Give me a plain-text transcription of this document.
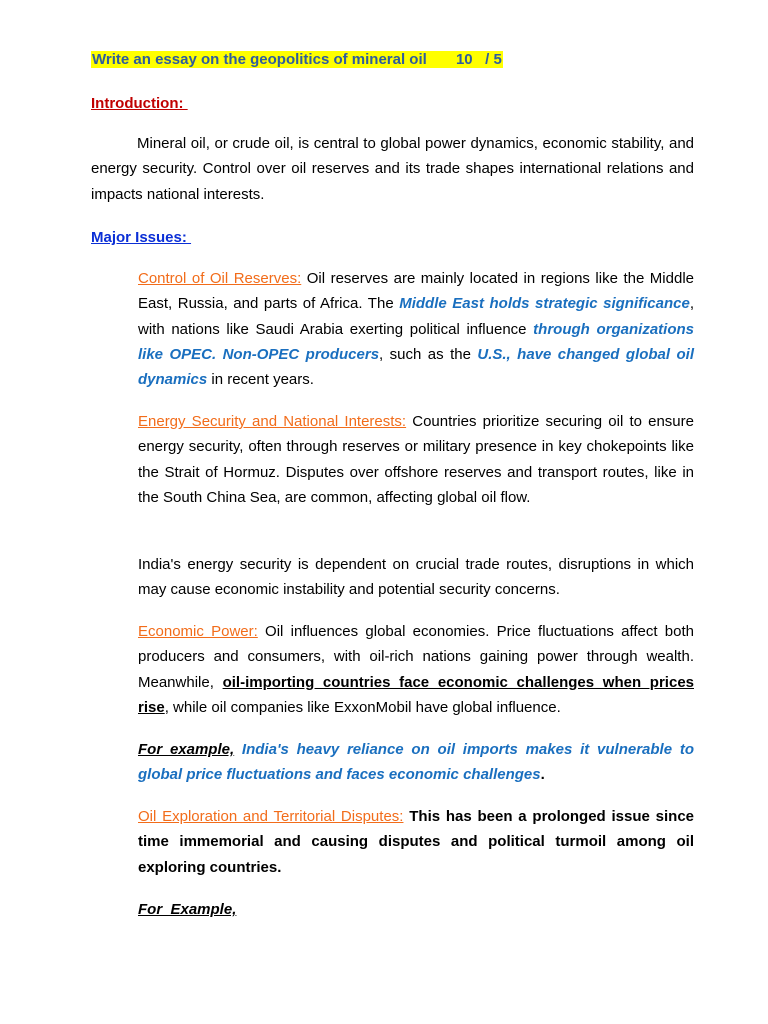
Write an essay on the geopolitics of mineral oil       10   / 5
Introduction:

Mineral oil, or crude oil, is central to global power dynamics, economic stability, and energy security. Control over oil reserves and its trade shapes international relations and impacts national interests.

Major Issues:

Control of Oil Reserves: Oil reserves are mainly located in regions like the Middle East, Russia, and parts of Africa. The Middle East holds strategic significance, with nations like Saudi Arabia exerting political influence through organizations like OPEC. Non-OPEC producers, such as the U.S., have changed global oil dynamics in recent years.

Energy Security and National Interests: Countries prioritize securing oil to ensure energy security, often through reserves or military presence in key chokepoints like the Strait of Hormuz. Disputes over offshore reserves and transport routes, like in the South China Sea, are common, affecting global oil flow.

India's energy security is dependent on crucial trade routes, disruptions in which may cause economic instability and potential security concerns.

Economic Power: Oil influences global economies. Price fluctuations affect both producers and consumers, with oil-rich nations gaining power through wealth. Meanwhile, oil-importing countries face economic challenges when prices rise, while oil companies like ExxonMobil have global influence.

For example, India's heavy reliance on oil imports makes it vulnerable to global price fluctuations and faces economic challenges.

Oil Exploration and Territorial Disputes: This has been a prolonged issue since time immemorial and causing disputes and political turmoil among oil exploring countries.

For  Example,
